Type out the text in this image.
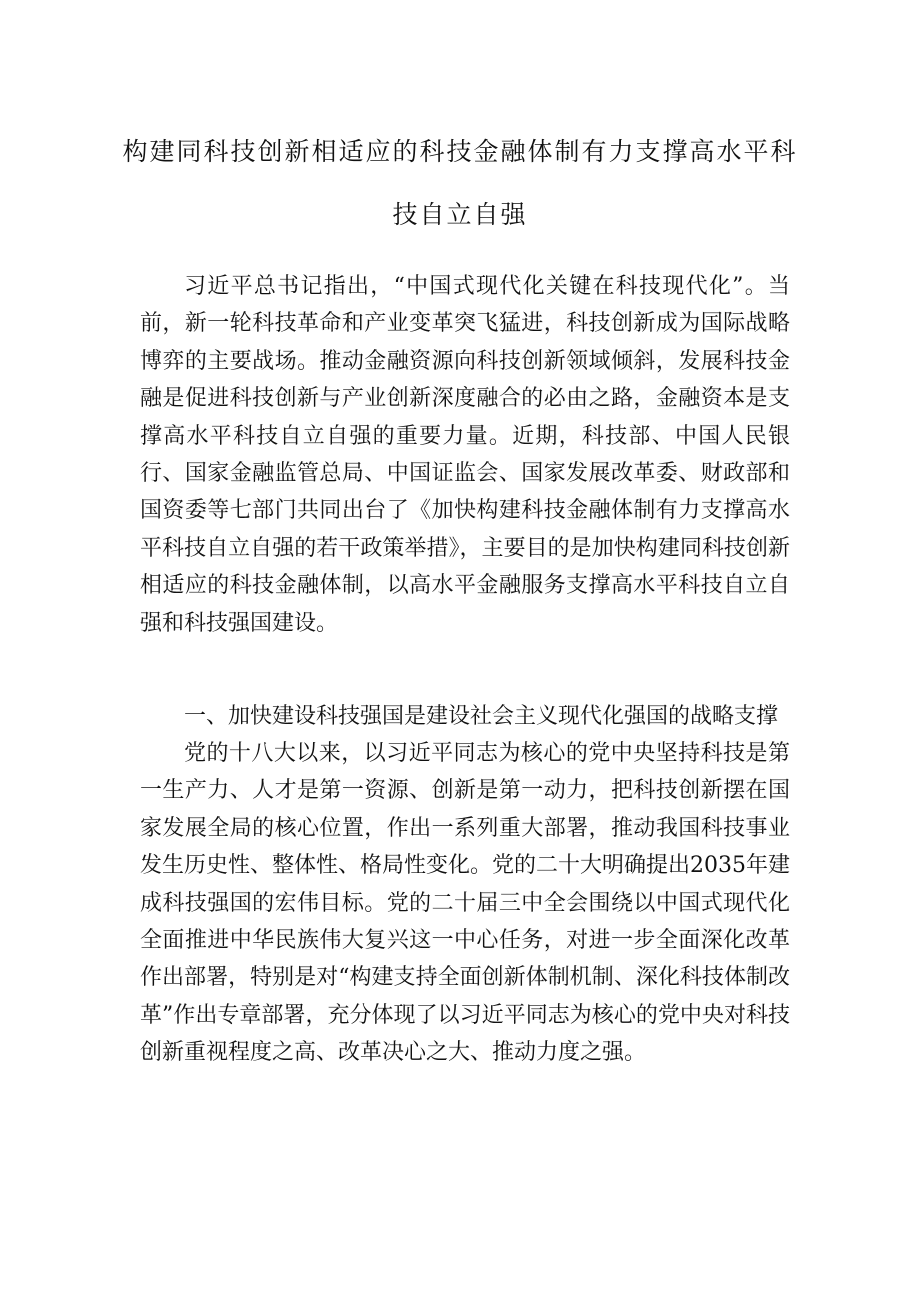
构建同科技创新相适应的科技金融体制有力支撑高水平科
技自立自强

习近平总书记指出，“中国式现代化关键在科技现代化”。当前，新一轮科技革命和产业变革突飞猛进，科技创新成为国际战略博弈的主要战场。推动金融资源向科技创新领域倾斜，发展科技金融是促进科技创新与产业创新深度融合的必由之路，金融资本是支撑高水平科技自立自强的重要力量。近期，科技部、中国人民银行、国家金融监管总局、中国证监会、国家发展改革委、财政部和国资委等七部门共同出台了《加快构建科技金融体制有力支撑高水平科技自立自强的若干政策举措》，主要目的是加快构建同科技创新相适应的科技金融体制，以高水平金融服务支撑高水平科技自立自强和科技强国建设。

一、加快建设科技强国是建设社会主义现代化强国的战略支撑

党的十八大以来，以习近平同志为核心的党中央坚持科技是第一生产力、人才是第一资源、创新是第一动力，把科技创新摆在国家发展全局的核心位置，作出一系列重大部署，推动我国科技事业发生历史性、整体性、格局性变化。党的二十大明确提出2035年建成科技强国的宏伟目标。党的二十届三中全会围绕以中国式现代化全面推进中华民族伟大复兴这一中心任务，对进一步全面深化改革作出部署，特别是对“构建支持全面创新体制机制、深化科技体制改革”作出专章部署，充分体现了以习近平同志为核心的党中央对科技创新重视程度之高、改革决心之大、推动力度之强。
